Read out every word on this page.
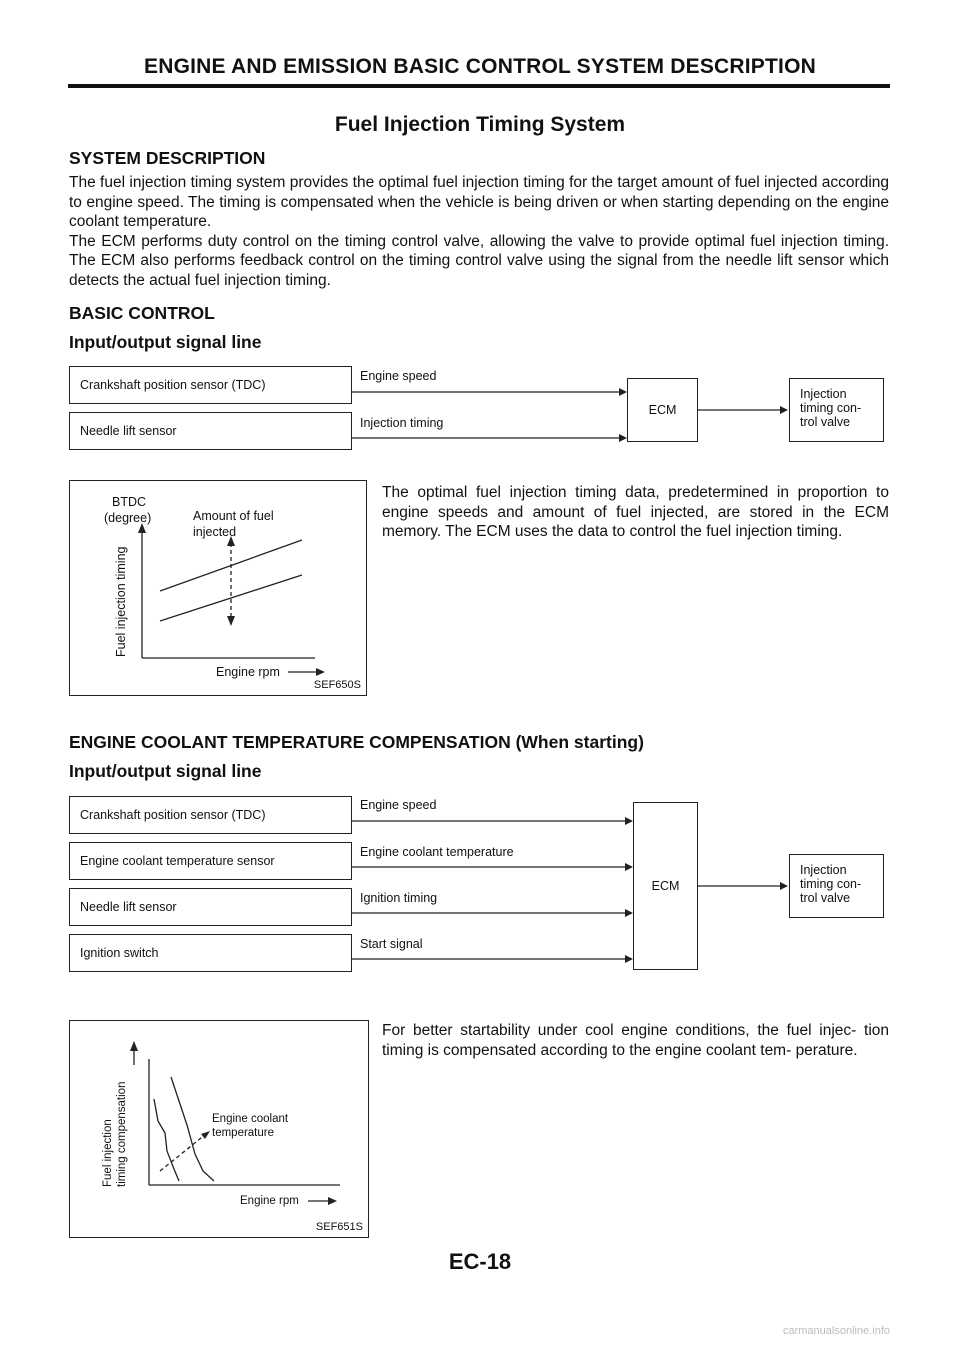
ENGINE AND EMISSION BASIC CONTROL SYSTEM DESCRIPTION
Fuel Injection Timing System
SYSTEM DESCRIPTION

The fuel injection timing system provides the optimal fuel injection timing for the target amount of fuel injected according to engine speed. The timing is compensated when the vehicle is being driven or when starting depending on the engine coolant temperature.

The ECM performs duty control on the timing control valve, allowing the valve to provide optimal fuel injection timing. The ECM also performs feedback control on the timing control valve using the signal from the needle lift sensor which detects the actual fuel injection timing.

BASIC CONTROL
Input/output signal line
Crankshaft position sensor (TDC)
Needle lift sensor
Engine speed
Injection timing
ECM
Injection
timing con-
trol valve
BTDC
(degree)	Amount of fuel
injected
Fuel injection timing
Engine rpm
SEF650S
The optimal fuel injection timing data, predetermined in proportion to engine speeds and amount of fuel injected, are stored in the ECM memory. The ECM uses the data to control the fuel injection timing.
ENGINE COOLANT TEMPERATURE COMPENSATION (When starting)
Input/output signal line
Crankshaft position sensor (TDC)
Engine coolant temperature sensor
Needle lift sensor
Ignition switch
Engine speed
Engine coolant temperature
Ignition timing
Start signal
ECM
Injection
timing con-
trol valve
Fuel injection timing compensation	Engine coolant
temperature
Engine rpm
SEF651S
For better startability under cool engine conditions, the fuel injec- tion timing is compensated according to the engine coolant tem- perature.
EC-18
carmanualsonline.info
